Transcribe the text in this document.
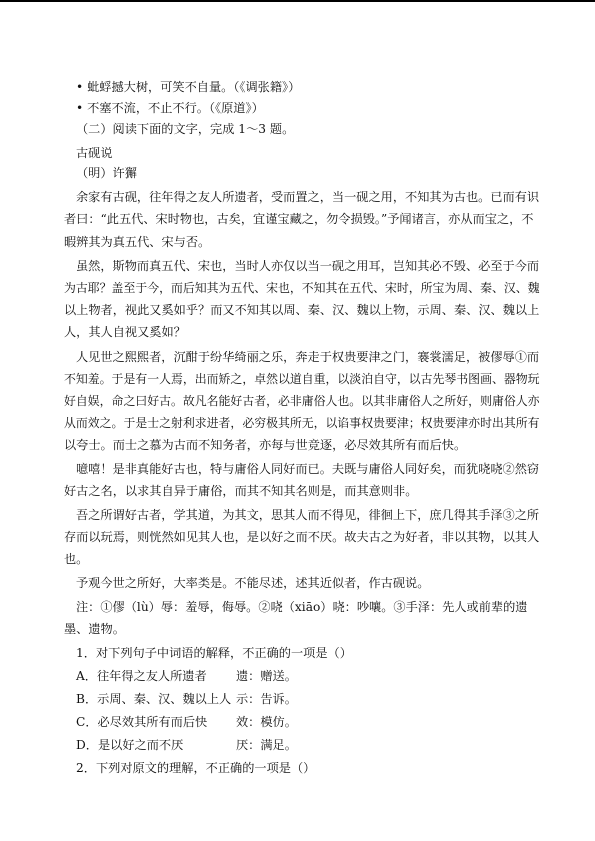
• 蚍蜉撼大树，可笑不自量。（《调张籍》）
• 不塞不流，不止不行。（《原道》）
（二）阅读下面的文字，完成 1～3 题。
古砚说
（明）许獬
余家有古砚，往年得之友人所遗者，受而置之，当一砚之用，不知其为古也。已而有识
者曰：“此五代、宋时物也，古矣，宜谨宝藏之，勿令损毁。”予闻诸言，亦从而宝之，不
暇辨其为真五代、宋与否。
虽然，斯物而真五代、宋也，当时人亦仅以当一砚之用耳，岂知其必不毁、必至于今而
为古耶？盖至于今，而后知其为五代、宋也，不知其在五代、宋时，所宝为周、秦、汉、魏
以上物者，视此又奚如乎？而又不知其以周、秦、汉、魏以上物，示周、秦、汉、魏以上
人，其人自视又奚如？
人见世之熙熙者，沉酣于纷华绮丽之乐，奔走于权贵要津之门，褰裳濡足，被僇辱①而
不知羞。于是有一人焉，出而矫之，卓然以道自重，以淡泊自守，以古先琴书图画、器物玩
好自娱，命之曰好古。故凡名能好古者，必非庸俗人也。以其非庸俗人之所好，则庸俗人亦
从而效之。于是士之射利求进者，必穷极其所无，以谄事权贵要津；权贵要津亦时出其所有
以夸士。而士之慕为古而不知务者，亦每与世竞逐，必尽效其所有而后快。
噫嘻！是非真能好古也，特与庸俗人同好而已。夫既与庸俗人同好矣，而犹哓哓②然窃
好古之名，以求其自异于庸俗，而其不知其名则是，而其意则非。
吾之所谓好古者，学其道，为其文，思其人而不得见，徘徊上下，庶几得其手泽③之所
存而以玩焉，则恍然如见其人也，是以好之而不厌。故夫古之为好者，非以其物，以其人
也。
予观今世之所好，大率类是。不能尽述，述其近似者，作古砚说。
注：①僇（lù）辱：羞辱，侮辱。②哓（xiāo）哓：吵嚷。③手泽：先人或前辈的遗
墨、遗物。
1．对下列句子中词语的解释，不正确的一项是（）
A．往年得之友人所遗者 遗：赠送。
B．示周、秦、汉、魏以上人 示：告诉。
C．必尽效其所有而后快 效：模仿。
D．是以好之而不厌	厌：满足。
2．下列对原文的理解，不正确的一项是（）
